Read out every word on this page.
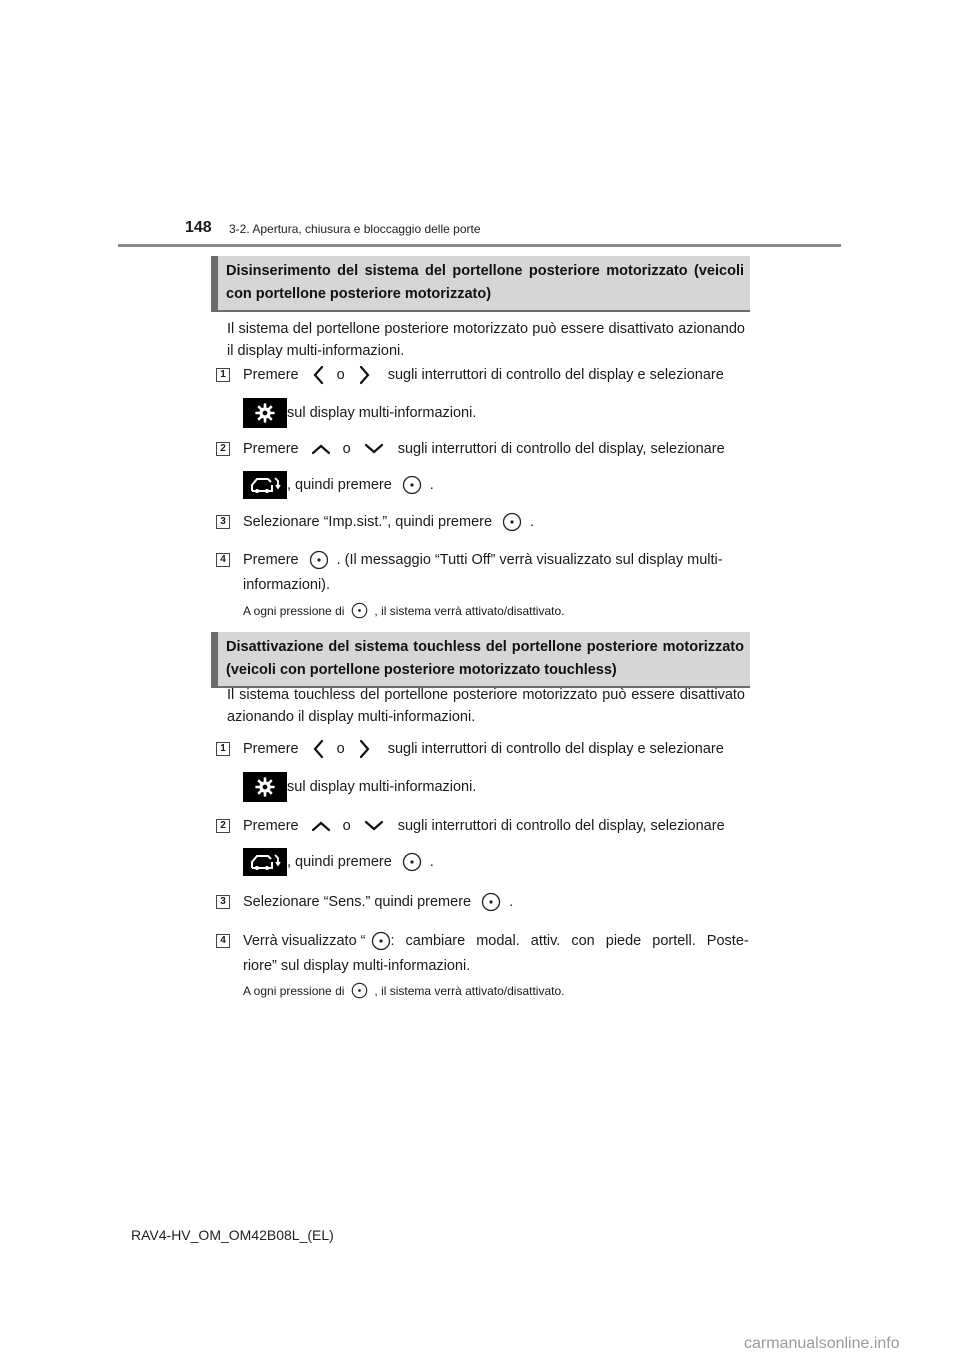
148 3-2. Apertura, chiusura e bloccaggio delle porte
Disinserimento del sistema del portellone posteriore motorizzato (veicoli con portellone posteriore motorizzato)
Il sistema del portellone posteriore motorizzato può essere disattivato azionando il display multi-informazioni.
1 Premere	o	sugli interruttori di controllo del display e selezionare
sul display multi-informazioni.
2 Premere	o	sugli interruttori di controllo del display, selezionare
, quindi premere	.
3 Selezionare “Imp.sist.”, quindi premere	.
4 Premere	. (Il messaggio “Tutti Off” verrà visualizzato sul display multi-
informazioni).
A ogni pressione di	, il sistema verrà attivato/disattivato.
Disattivazione del sistema touchless del portellone posteriore motorizzato (veicoli con portellone posteriore motorizzato touchless)
Il sistema touchless del portellone posteriore motorizzato può essere disattivato azionando il display multi-informazioni.
1 Premere	o	sugli interruttori di controllo del display e selezionare
sul display multi-informazioni.
2 Premere	o	sugli interruttori di controllo del display, selezionare
, quindi premere	.
3 Selezionare “Sens.” quindi premere	.
4 Verrà visualizzato “ : cambiare modal. attiv. con piede portell. Poste-
riore” sul display multi-informazioni.
A ogni pressione di	, il sistema verrà attivato/disattivato.
RAV4-HV_OM_OM42B08L_(EL)
carmanualsonline.info
